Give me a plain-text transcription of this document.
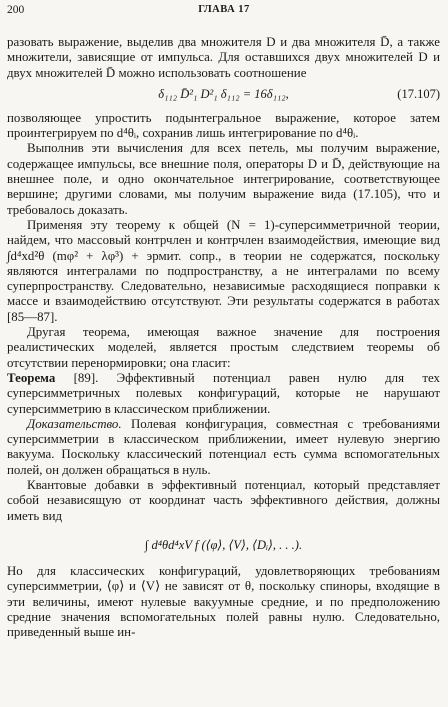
200	ГЛАВА 17

разовать выражение, выделив два множителя D и два множителя D̄, а также множители, зависящие от импульса. Для оставшихся двух множителей D и двух множителей D̄ можно использовать соотношение

δ₁₁₂ D̄²₁ D²₁ δ₁₁₂ = 16δ₁₁₂,	(17.107)

позволяющее упростить подынтегральное выражение, которое затем проинтегрируем по d⁴θᵢ, сохранив лишь интегрирование по d⁴θᵢ.

Выполнив эти вычисления для всех петель, мы получим выражение, содержащее импульсы, все внешние поля, операторы D и D̄, действующие на внешнее поле, и одно окончательное интегрирование, соответствующее вершине; другими словами, мы получим выражение вида (17.105), что и требовалось доказать.

Применяя эту теорему к общей (N = 1)-суперсимметричной теории, найдем, что массовый контрчлен и контрчлен взаимодействия, имеющие вид ∫d⁴xd²θ (mφ² + λφ³) + эрмит. сопр., в теории не содержатся, поскольку являются интегралами по подпространству, а не интегралами по всему суперпространству. Следовательно, независимые расходящиеся поправки к массе и взаимодействию отсутствуют. Эти результаты содержатся в работах [85—87].

Другая теорема, имеющая важное значение для построения реалистических моделей, является простым следствием теоремы об отсутствии перенормировки; она гласит:

Теорема [89]. Эффективный потенциал равен нулю для тех суперсимметричных полевых конфигураций, которые не нарушают суперсимметрию в классическом приближении.

Доказательство. Полевая конфигурация, совместная с требованиями суперсимметрии в классическом приближении, имеет нулевую энергию вакуума. Поскольку классический потенциал есть сумма вспомогательных полей, он должен обращаться в нуль.

Квантовые добавки в эффективный потенциал, который представляет собой независящую от координат часть эффективного действия, должны иметь вид

∫ d⁴θd⁴xV f (⟨φ⟩, ⟨V⟩, ⟨Dᵢ⟩, . . .).

Но для классических конфигураций, удовлетворяющих требованиям суперсимметрии, ⟨φ⟩ и ⟨V⟩ не зависят от θ, поскольку спиноры, входящие в эти величины, имеют нулевые вакуумные средние, и по предположению средние значения вспомогательных полей равны нулю. Следовательно, приведенный выше ин-
